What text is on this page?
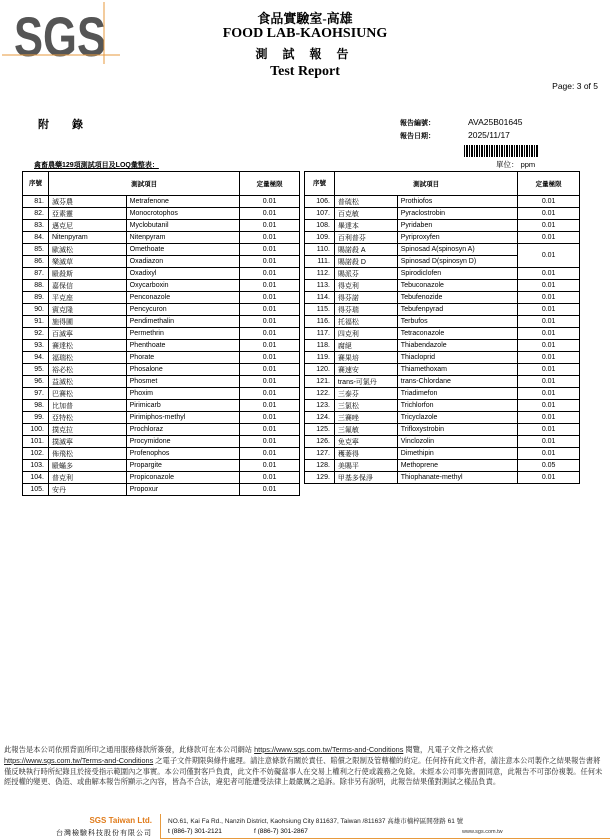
SGS	食品實驗室-高雄
FOOD LAB-KAOHSIUNG
測 試 報 告
Test Report
Page: 3 of 5
附 錄	報告編號：	AVA25B01645
報告日期：	2025/11/17
禽畜農藥129項測試項目及LOQ彙整表：	單位： ppm
序號	測試項目		定量極限
81.	滅芬農	Metrafenone	0.01
82.	亞素靈	Monocrotophos	0.01
83.	邁克尼	Myclobutanil	0.01
84.	Nitenpyram	Nitenpyram	0.01
85.	歐滅松	Omethoate	0.01
86.	樂滅草	Oxadiazon	0.01
87.	毆殺斯	Oxadixyl	0.01
88.	嘉保信	Oxycarboxin	0.01
89.	平克座	Penconazole	0.01
90.	賓克隆	Pencycuron	0.01
91.	施得圃	Pendimethalin	0.01
92.	百滅寧	Permethrin	0.01
93.	賽達松	Phenthoate	0.01
94.	福瑞松	Phorate	0.01
95.	裕必松	Phosalone	0.01
96.	益滅松	Phosmet	0.01
97.	巴賽松	Phoxim	0.01
98.	比加普	Pirimicarb	0.01
99.	亞特松	Pirimiphos-methyl	0.01
100.	撲克拉	Prochloraz	0.01
101.	撲滅寧	Procymidone	0.01
102.	佈飛松	Profenophos	0.01
103.	毆蟎多	Propargite	0.01
104.	普克利	Propiconazole	0.01
105.	安丹	Propoxur	0.01
序號	測試項目		定量極限
106.	普硫松	Prothiofos	0.01
107.	百克敏	Pyraclostrobin	0.01
108.	畢達本	Pyridaben	0.01
109.	百利普芬	Pyriproxyfen	0.01
110.	賜諾殺 A	Spinosad A(spinosyn A)	0.01
111.	賜諾殺 D	Spinosad D(spinosyn D)	
112.	賜派芬	Spirodiclofen	0.01
113.	得克利	Tebuconazole	0.01
114.	得芬諾	Tebufenozide	0.01
115.	得芬瑞	Tebufenpyrad	0.01
116.	托福松	Terbufos	0.01
117.	四克利	Tetraconazole	0.01
118.	腐絕	Thiabendazole	0.01
119.	賽果培	Thiacloprid	0.01
120.	賽速安	Thiamethoxam	0.01
121.	trans-可氯丹	trans-Chlordane	0.01
122.	三泰芬	Triadimefon	0.01
123.	三氯松	Trichlorfon	0.01
124.	三賽唑	Tricyclazole	0.01
125.	三氟敏	Trifloxystrobin	0.01
126.	免克寧	Vinclozolin	0.01
127.	穫萎得	Dimethipin	0.01
128.	美賜平	Methoprene	0.05
129.	甲基多保淨	Thiophanate-methyl	0.01
此報告是本公司依照背面所印之通用服務條款所簽發，此條款可在本公司網站 https://www.sgs.com.tw/Terms-and-Conditions 閱覽，凡電子文件之格式依
https://www.sgs.com.tw/Terms-and-Conditions 之電子文件期限與條件處理。請注意條款有關於責任、賠償之限制及管轄權的約定。任何持有此文件者，請注意本公司製作之結果報告書將僅反映執行時所紀錄且於接受指示範圍內之事實。本公司僅對客戶負責，此文件不妨礙當事人在交易上權利之行使或義務之免除。未經本公司事先書面同意，此報告不可部份複製。任何未經授權的變更、偽造、或曲解本報告所顯示之內容，皆為不合法，違犯者可能遭受法律上最嚴厲之追訴。除非另有說明，此報告結果僅對測試之樣品負責。
SGS Taiwan Ltd.
台灣檢驗科技股份有限公司
NO.61, Kai Fa Rd., Nanzih District, Kaohsiung City 811637, Taiwan /811637 高雄市楠梓區開發路 61 號
t (886-7) 301-2121	f (886-7) 301-2867	www.sgs.com.tw
